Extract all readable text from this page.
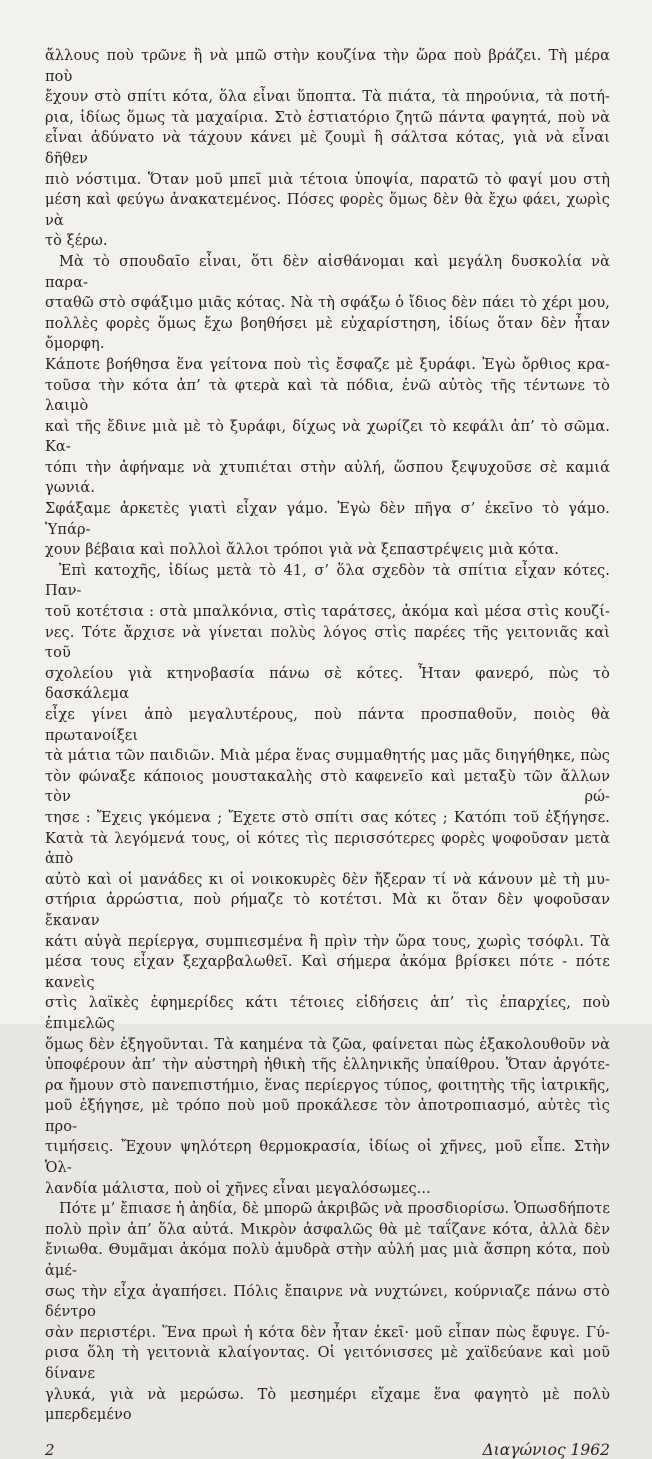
ἄλλους ποὺ τρῶνε ἢ νὰ μπῶ στὴν κουζίνα τὴν ὥρα ποὺ βράζει. Τὴ μέρα ποὺ
ἔχουν στὸ σπίτι κότα, ὅλα εἶναι ὕποπτα. Τὰ πιάτα, τὰ πηρούνια, τὰ ποτή-
ρια, ἰδίως ὅμως τὰ μαχαίρια. Στὸ ἑστιατόριο ζητῶ πάντα φαγητά, ποὺ νὰ
εἶναι ἀδύνατο νὰ τάχουν κάνει μὲ ζουμὶ ἢ σάλτσα κότας, γιὰ νὰ εἶναι δῆθεν
πιὸ νόστιμα. Ὅταν μοῦ μπεῖ μιὰ τέτοια ὑποψία, παρατῶ τὸ φαγί μου στὴ
μέση καὶ φεύγω ἀνακατεμένος. Πόσες φορὲς ὅμως δὲν θὰ ἔχω φάει, χωρὶς νὰ
τὸ ξέρω.
Μὰ τὸ σπουδαῖο εἶναι, ὅτι δὲν αἰσθάνομαι καὶ μεγάλη δυσκολία νὰ παρα-
σταθῶ στὸ σφάξιμο μιᾶς κότας. Νὰ τὴ σφάξω ὁ ἴδιος δὲν πάει τὸ χέρι μου,
πολλὲς φορὲς ὅμως ἔχω βοηθήσει μὲ εὐχαρίστηση, ἰδίως ὅταν δὲν ἦταν ὄμορφη.
Κάποτε βοήθησα ἕνα γείτονα ποὺ τὶς ἔσφαζε μὲ ξυράφι. Ἐγὼ ὄρθιος κρα-
τοῦσα τὴν κότα ἀπ’ τὰ φτερὰ καὶ τὰ πόδια, ἐνῶ αὐτὸς τῆς τέντωνε τὸ λαιμὸ
καὶ τῆς ἔδινε μιὰ μὲ τὸ ξυράφι, δίχως νὰ χωρίζει τὸ κεφάλι ἀπ’ τὸ σῶμα. Κα-
τόπι τὴν ἀφήναμε νὰ χτυπιέται στὴν αὐλή, ὥσπου ξεψυχοῦσε σὲ καμιά γωνιά.
Σφάξαμε ἀρκετὲς γιατὶ εἶχαν γάμο. Ἐγὼ δὲν πῆγα σ’ ἐκεῖνο τὸ γάμο. Ὑπάρ-
χουν βέβαια καὶ πολλοὶ ἄλλοι τρόποι γιὰ νὰ ξεπαστρέψεις μιὰ κότα.
Ἐπὶ κατοχῆς, ἰδίως μετὰ τὸ 41, σ’ ὅλα σχεδὸν τὰ σπίτια εἶχαν κότες. Παν-
τοῦ κοτέτσια : στὰ μπαλκόνια, στὶς ταράτσες, ἀκόμα καὶ μέσα στὶς κουζί-
νες. Τότε ἄρχισε νὰ γίνεται πολὺς λόγος στὶς παρέες τῆς γειτονιᾶς καὶ τοῦ
σχολείου γιὰ κτηνοβασία πάνω σὲ κότες. Ἦταν φανερό, πὼς τὸ δασκάλεμα
εἶχε γίνει ἀπὸ μεγαλυτέρους, ποὺ πάντα προσπαθοῦν, ποιὸς θὰ πρωτανοίξει
τὰ μάτια τῶν παιδιῶν. Μιὰ μέρα ἕνας συμμαθητής μας μᾶς διηγήθηκε, πὼς
τὸν φώναξε κάποιος μουστακαλὴς στὸ καφενεῖο καὶ μεταξὺ τῶν ἄλλων τὸν ρώ-
τησε : Ἔχεις γκόμενα ; Ἔχετε στὸ σπίτι σας κότες ; Κατόπι τοῦ ἐξήγησε.
Κατὰ τὰ λεγόμενά τους, οἱ κότες τὶς περισσότερες φορὲς ψοφοῦσαν μετὰ ἀπὸ
αὐτὸ καὶ οἱ μανάδες κι οἱ νοικοκυρὲς δὲν ἤξεραν τί νὰ κάνουν μὲ τὴ μυ-
στήρια ἀρρώστια, ποὺ ρήμαζε τὸ κοτέτσι. Μὰ κι ὅταν δὲν ψοφοῦσαν ἔκαναν
κάτι αὐγὰ περίεργα, συμπιεσμένα ἢ πρὶν τὴν ὥρα τους, χωρὶς τσόφλι. Τὰ
μέσα τους εἶχαν ξεχαρβαλωθεῖ. Καὶ σήμερα ἀκόμα βρίσκει πότε - πότε κανεὶς
στὶς λαϊκὲς ἐφημερίδες κάτι τέτοιες εἰδήσεις ἀπ’ τὶς ἐπαρχίες, ποὺ ἐπιμελῶς
ὅμως δὲν ἐξηγοῦνται. Τὰ καημένα τὰ ζῶα, φαίνεται πὼς ἐξακολουθοῦν νὰ
ὑποφέρουν ἀπ’ τὴν αὐστηρὴ ἠθικὴ τῆς ἑλληνικῆς ὑπαίθρου. Ὅταν ἀργότε-
ρα ἤμουν στὸ πανεπιστήμιο, ἕνας περίεργος τύπος, φοιτητὴς τῆς ἰατρικῆς,
μοῦ ἐξήγησε, μὲ τρόπο ποὺ μοῦ προκάλεσε τὸν ἀποτροπιασμό, αὐτὲς τὶς προ-
τιμήσεις. Ἔχουν ψηλότερη θερμοκρασία, ἰδίως οἱ χῆνες, μοῦ εἶπε. Στὴν Ὁλ-
λανδία μάλιστα, ποὺ οἱ χῆνες εἶναι μεγαλόσωμες...
Πότε μ’ ἔπιασε ἡ ἀηδία, δὲ μπορῶ ἀκριβῶς νὰ προσδιορίσω. Ὁπωσδήποτε
πολὺ πρὶν ἀπ’ ὅλα αὐτά. Μικρὸν ἀσφαλῶς θὰ μὲ ταΐζανε κότα, ἀλλὰ δὲν
ἔνιωθα. Θυμᾶμαι ἀκόμα πολὺ ἀμυδρὰ στὴν αὐλή μας μιὰ ἄσπρη κότα, ποὺ ἀμέ-
σως τὴν εἶχα ἀγαπήσει. Πόλις ἔπαιρνε νὰ νυχτώνει, κούρνιαζε πάνω στὸ δέντρο
σὰν περιστέρι. Ἕνα πρωὶ ἡ κότα δὲν ἦταν ἐκεῖ· μοῦ εἶπαν πὼς ἔφυγε. Γύ-
ρισα ὅλη τὴ γειτονιὰ κλαίγοντας. Οἱ γειτόνισσες μὲ χαϊδεύανε καὶ μοῦ δίνανε
γλυκά, γιὰ νὰ μερώσω. Τὸ μεσημέρι εἴχαμε ἕνα φαγητὸ μὲ πολὺ μπερδεμένο
2	Διαγώνιος 1962
